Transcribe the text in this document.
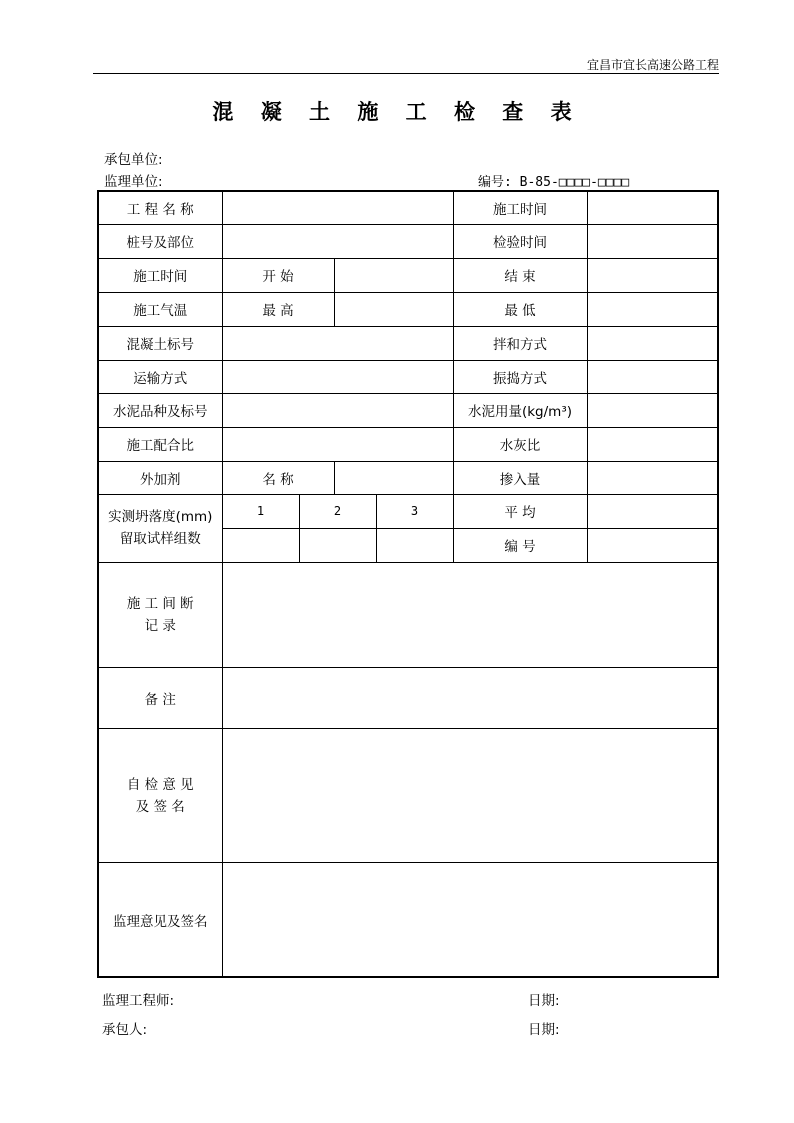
宜昌市宜长高速公路工程
混 凝 土 施 工 检 查 表
承包单位:
监理单位:	编号: B-85-□□□□-□□□□
工 程 名 称					施工时间	
桩号及部位					检验时间	
施工时间	开 始				结 束	
施工气温	最 高				最 低	
混凝土标号					拌和方式	
运输方式					振捣方式	
水泥品种及标号					水泥用量(kg/m³)	
施工配合比					水灰比	
外加剂	名 称				掺入量	

实测坍落度(mm)
留取试样组数	1	2		3	平 均	
					编 号	

施 工 间 断
记 录						

备 注						

自 检 意 见
及 签 名						

监理意见及签名						
监理工程师:	日期:
承包人:	日期:
